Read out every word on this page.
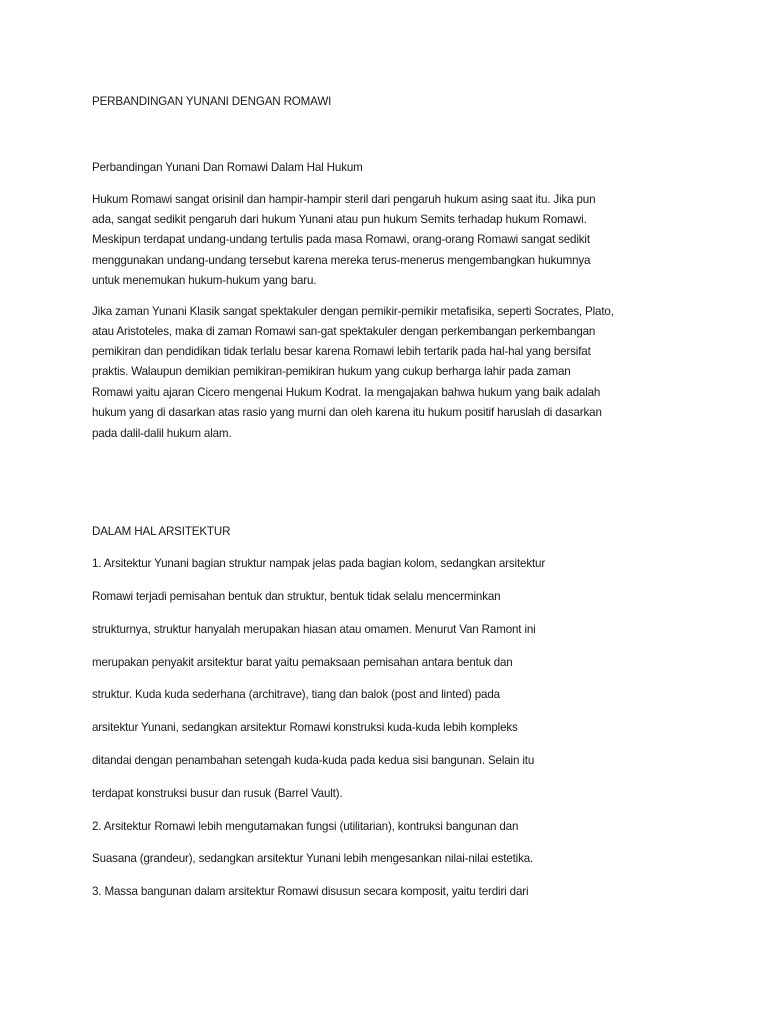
PERBANDINGAN YUNANI DENGAN ROMAWI
Perbandingan Yunani Dan Romawi Dalam Hal Hukum
Hukum Romawi sangat orisinil dan hampir-hampir steril dari pengaruh hukum asing saat itu. Jika pun
ada, sangat sedikit pengaruh dari hukum Yunani atau pun hukum Semits terhadap hukum Romawi.
Meskipun terdapat undang-undang tertulis pada masa Romawi, orang-orang Romawi sangat sedikit
menggunakan undang-undang tersebut karena mereka terus-menerus mengembangkan hukumnya
untuk menemukan hukum-hukum yang baru.
Jika zaman Yunani Klasik sangat spektakuler dengan pemikir-pemikir metafisika, seperti Socrates, Plato,
atau Aristoteles, maka di zaman Romawi san-gat spektakuler dengan perkembangan perkembangan
pemikiran dan pendidikan tidak terlalu besar karena Romawi lebih tertarik pada hal-hal yang bersifat
praktis. Walaupun demikian pemikiran-pemikiran hukum yang cukup berharga lahir pada zaman
Romawi yaitu ajaran Cicero mengenai Hukum Kodrat. Ia mengajakan bahwa hukum yang baik adalah
hukum yang di dasarkan atas rasio yang murni dan oleh karena itu hukum positif haruslah di dasarkan
pada dalil-dalil hukum alam.
DALAM HAL ARSITEKTUR
1. Arsitektur Yunani bagian struktur nampak jelas pada bagian kolom, sedangkan arsitektur
Romawi terjadi pemisahan bentuk dan struktur, bentuk tidak selalu mencerminkan
strukturnya, struktur hanyalah merupakan hiasan atau omamen. Menurut Van Ramont ini
merupakan penyakit arsitektur barat yaitu pemaksaan pemisahan antara bentuk dan
struktur. Kuda kuda sederhana (architrave), tiang dan balok (post and linted) pada
arsitektur Yunani, sedangkan arsitektur Romawi konstruksi kuda-kuda lebih kompleks
ditandai dengan penambahan setengah kuda-kuda pada kedua sisi bangunan. Selain itu
terdapat konstruksi busur dan rusuk (Barrel Vault).
2. Arsitektur Romawi lebih mengutamakan fungsi (utilitarian), kontruksi bangunan dan
Suasana (grandeur), sedangkan arsitektur Yunani lebih mengesankan nilai-nilai estetika.
3. Massa bangunan dalam arsitektur Romawi disusun secara komposit, yaitu terdiri dari
